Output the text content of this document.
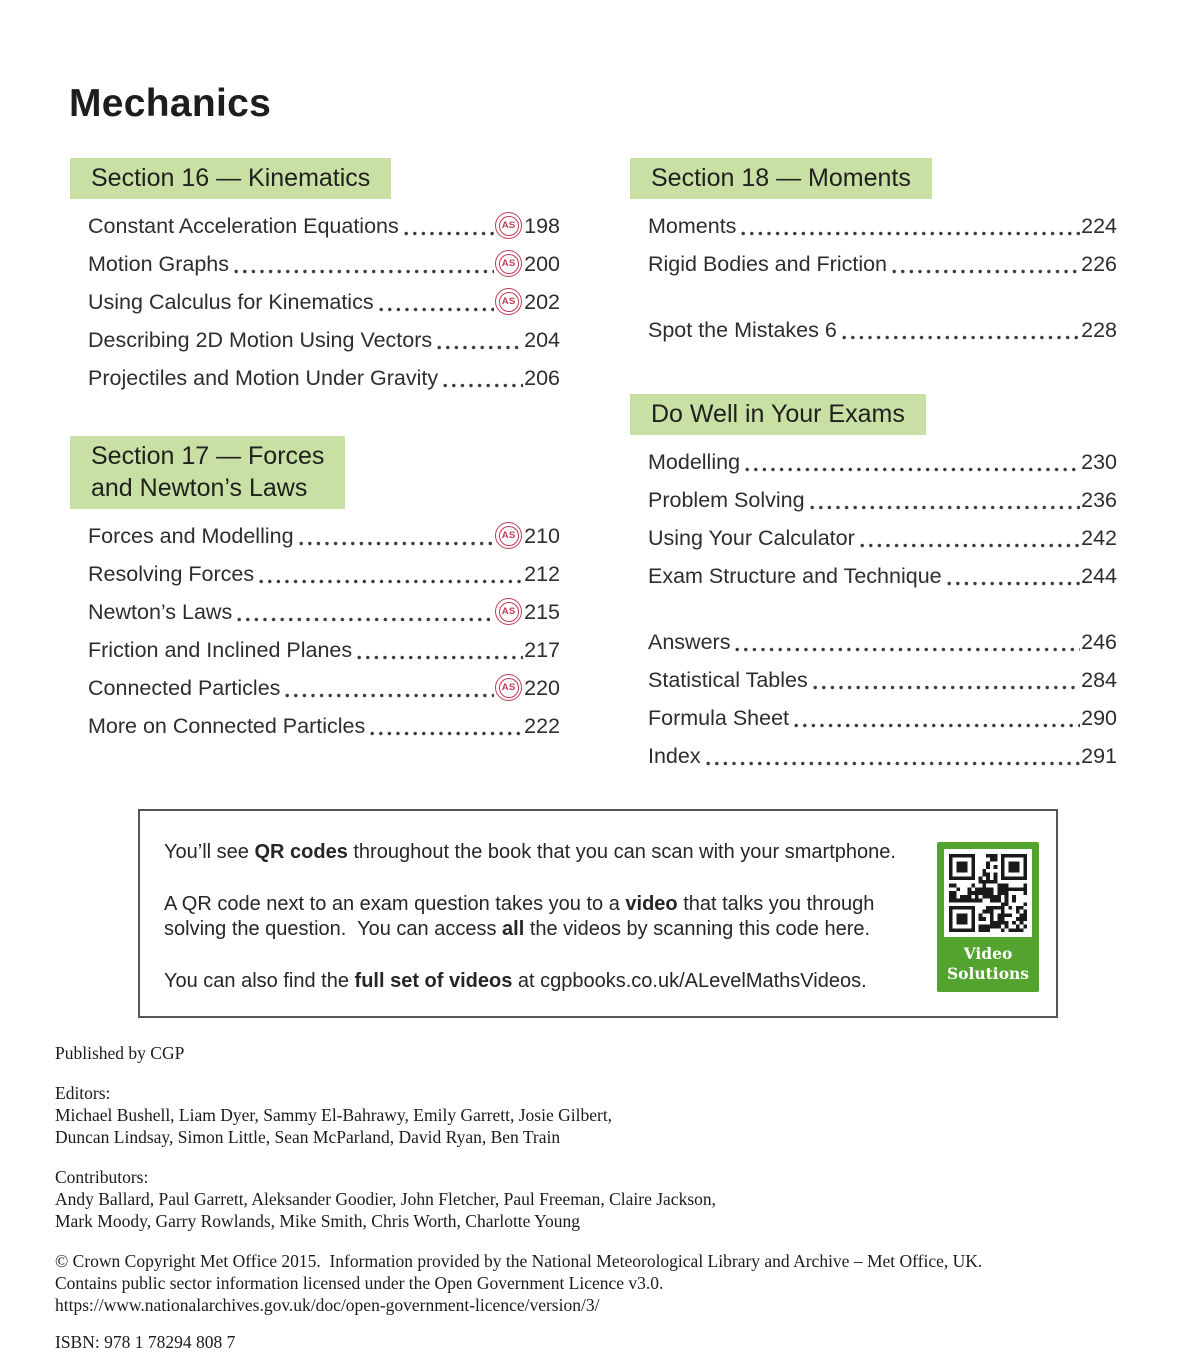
Mechanics
Section 16 — Kinematics
Constant Acceleration Equations	AS 198
Motion Graphs	AS 200
Using Calculus for Kinematics	AS 202
Describing 2D Motion Using Vectors	204
Projectiles and Motion Under Gravity	206
Section 17 — Forces
and Newton’s Laws
Forces and Modelling	AS 210
Resolving Forces	212
Newton’s Laws	AS 215
Friction and Inclined Planes	217
Connected Particles	AS 220
More on Connected Particles	222
Section 18 — Moments
Moments	224
Rigid Bodies and Friction	226
Spot the Mistakes 6	228
Do Well in Your Exams
Modelling	230
Problem Solving	236
Using Your Calculator	242
Exam Structure and Technique	244
Answers	246
Statistical Tables	284
Formula Sheet	290
Index	291

You’ll see QR codes throughout the book that you can scan with your smartphone.

A QR code next to an exam question takes you to a video that talks you through solving the question.  You can access all the videos by scanning this code here.

You can also find the full set of videos at cgpbooks.co.uk/ALevelMathsVideos.

Video Solutions
Published by CGP
Editors:
Michael Bushell, Liam Dyer, Sammy El-Bahrawy, Emily Garrett, Josie Gilbert,
Duncan Lindsay, Simon Little, Sean McParland, David Ryan, Ben Train
Contributors:
Andy Ballard, Paul Garrett, Aleksander Goodier, John Fletcher, Paul Freeman, Claire Jackson,
Mark Moody, Garry Rowlands, Mike Smith, Chris Worth, Charlotte Young
© Crown Copyright Met Office 2015.  Information provided by the National Meteorological Library and Archive – Met Office, UK.
Contains public sector information licensed under the Open Government Licence v3.0.
https://www.nationalarchives.gov.uk/doc/open-government-licence/version/3/
ISBN: 978 1 78294 808 7
